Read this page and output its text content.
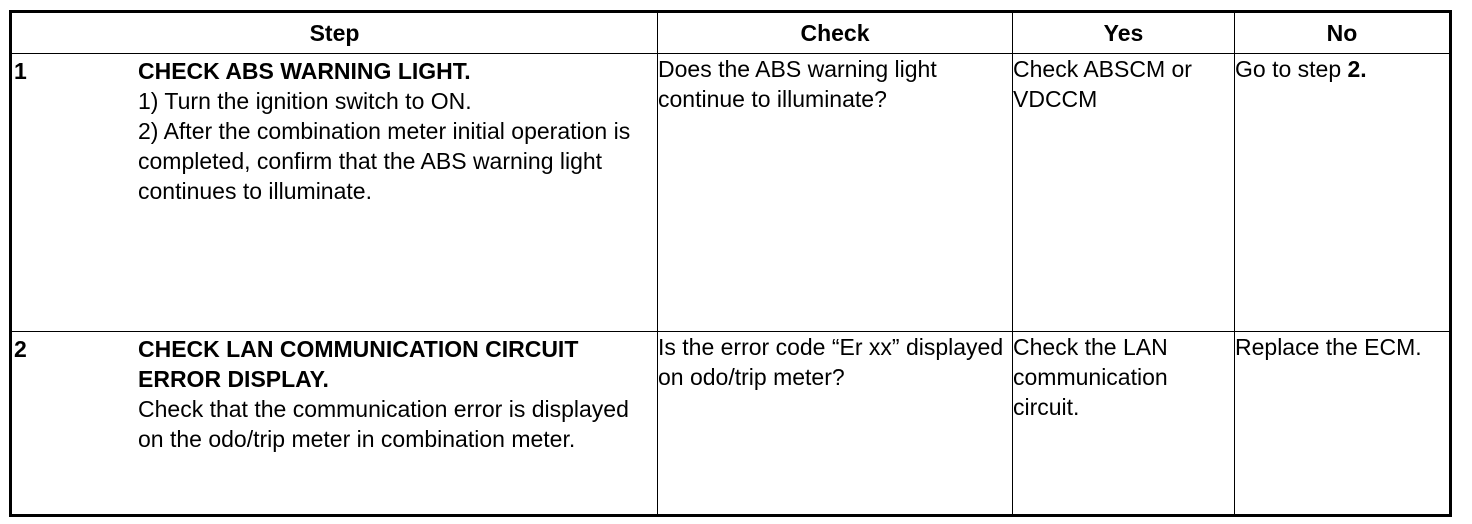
Step	Check	Yes	No

1 CHECK ABS WARNING LIGHT.
1) Turn the ignition switch to ON.
2) After the combination meter initial operation is completed, confirm that the ABS warning light continues to illuminate.	Does the ABS warning light continue to illuminate?	Check ABSCM or VDCCM	Go to step 2.

2 CHECK LAN COMMUNICATION CIRCUIT ERROR DISPLAY.
Check that the communication error is displayed on the odo/trip meter in combination meter.	Is the error code “Er xx” displayed on odo/trip meter?	Check the LAN communication circuit.	Replace the ECM.
